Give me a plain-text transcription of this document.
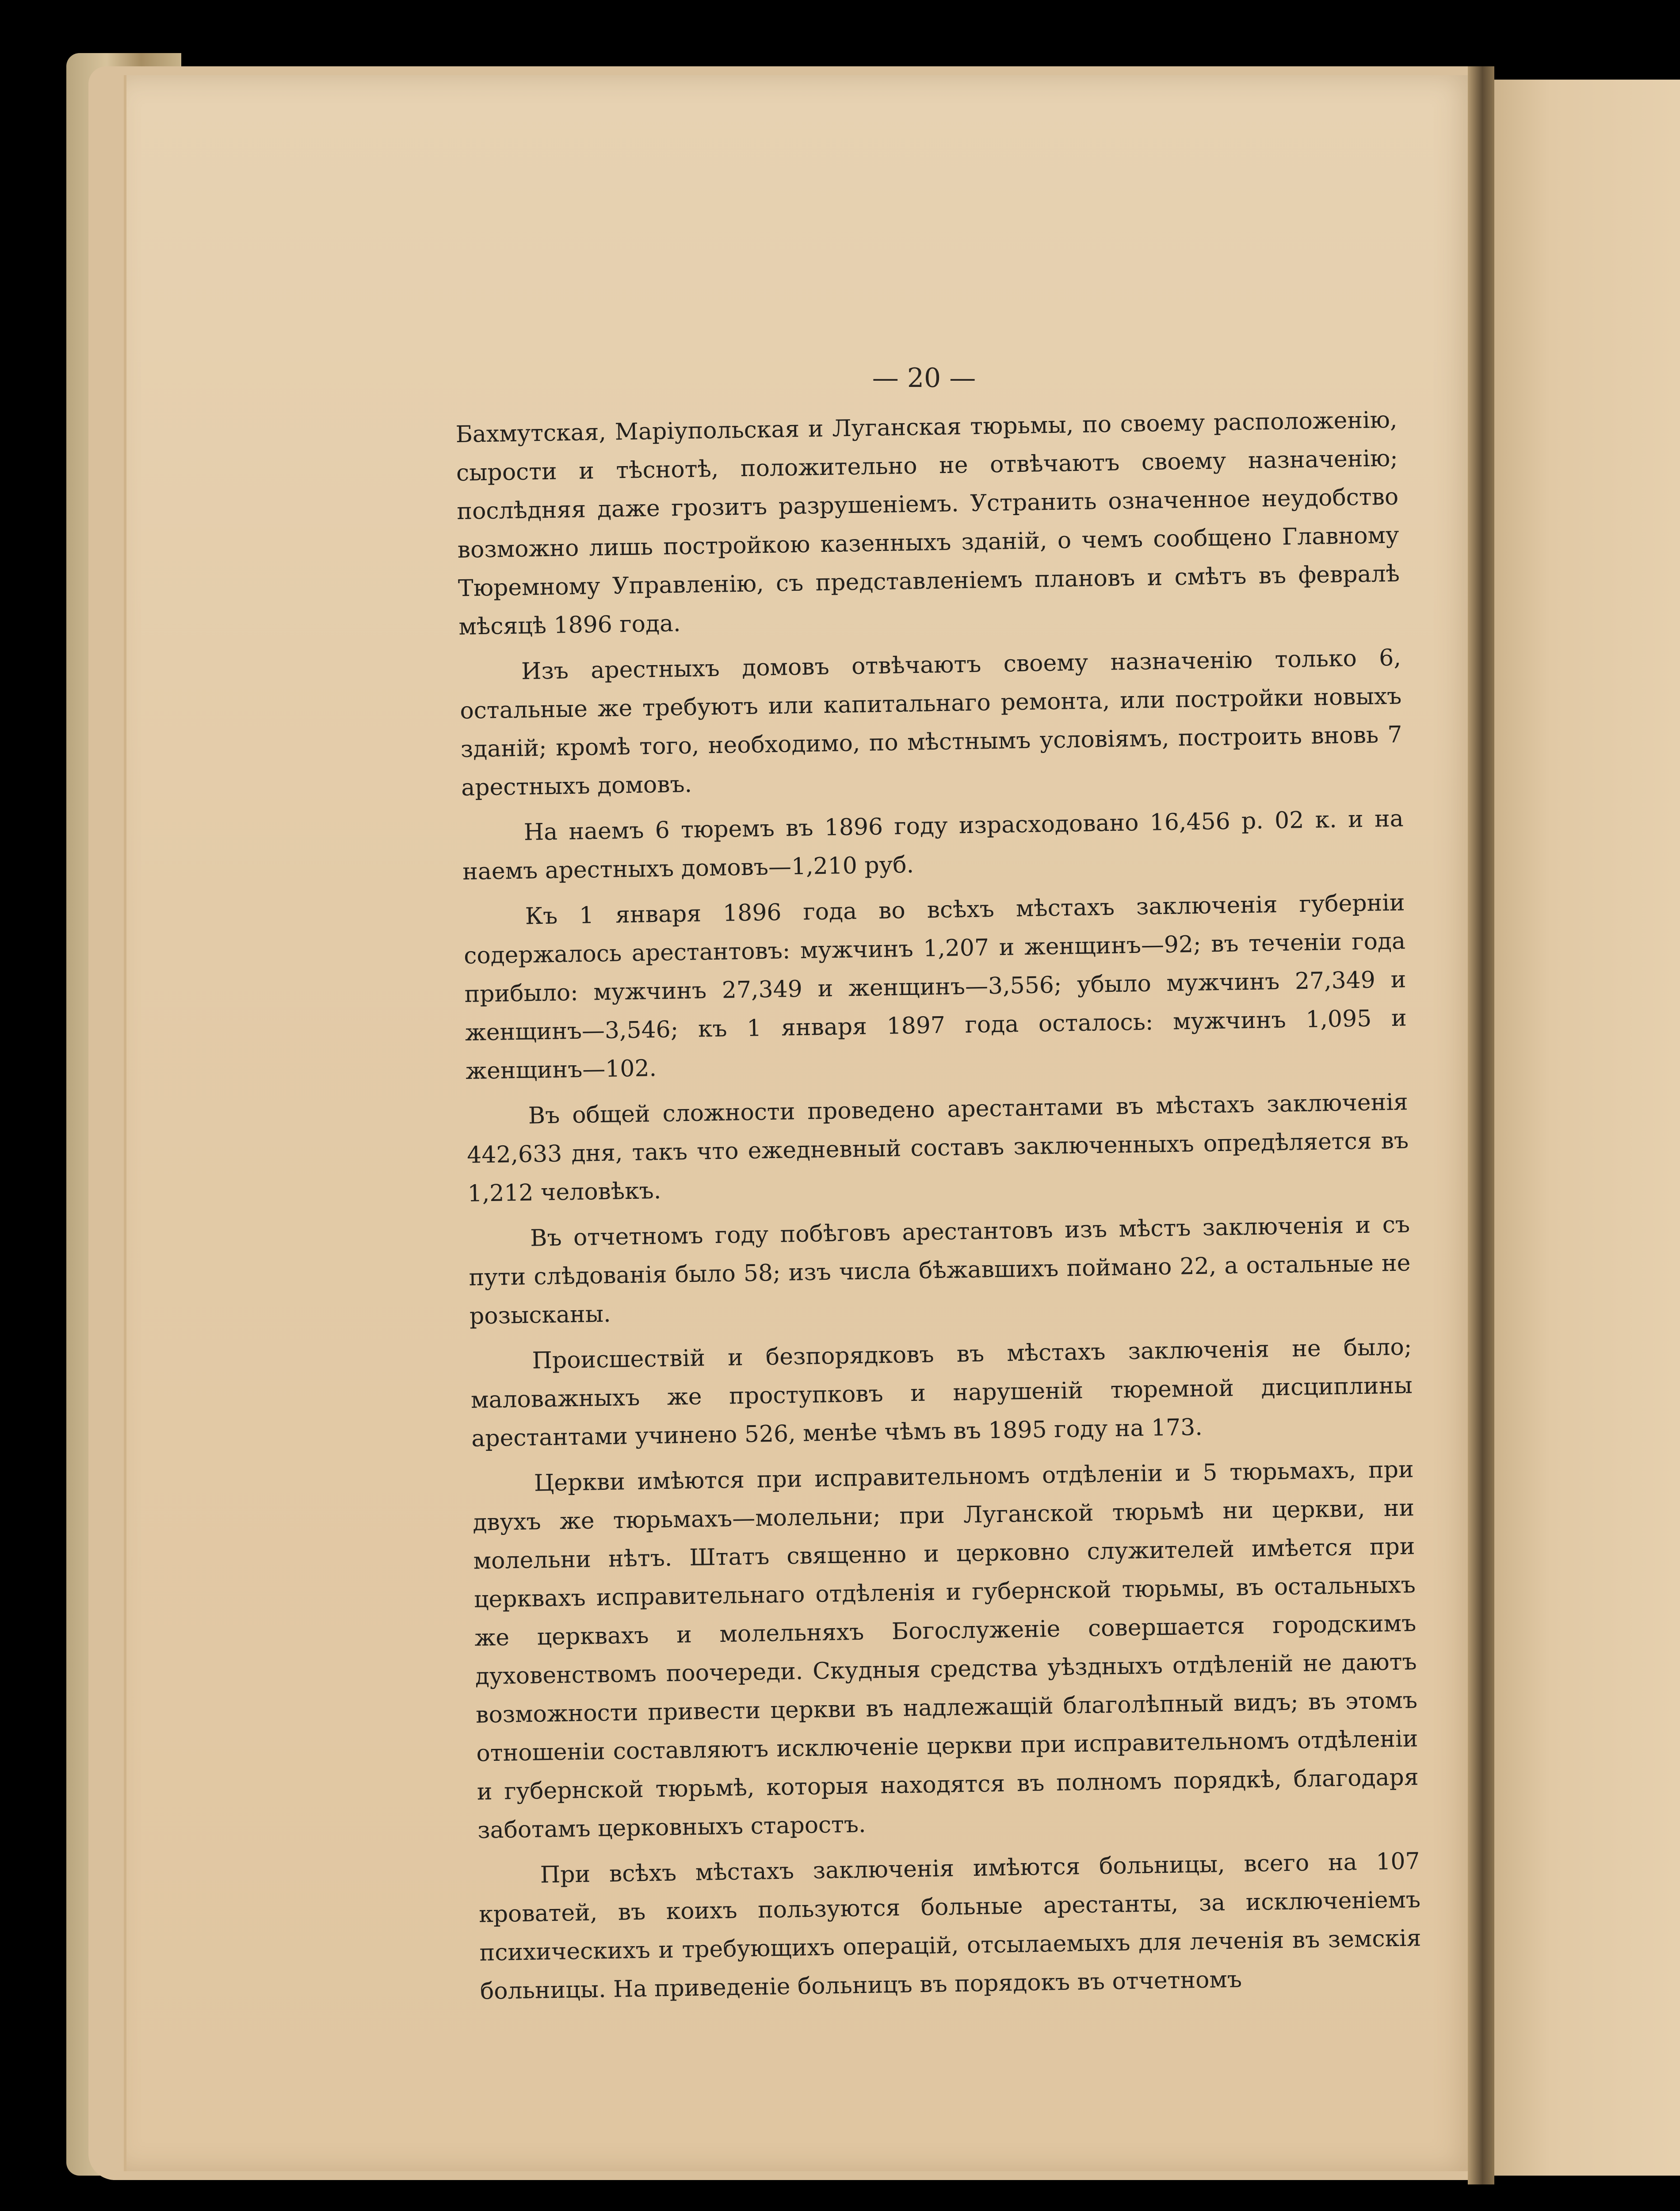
— 20 —

Бахмутская, Маріупольская и Луганская тюрьмы, по своему расположенію, сырости и тѣснотѣ, положительно не отвѣчаютъ своему назначенію; послѣдняя даже грозитъ разрушеніемъ. Устранить означенное неудобство возможно лишь постройкою казенныхъ зданій, о чемъ сообщено Главному Тюремному Управленію, съ представленіемъ плановъ и смѣтъ въ февралѣ мѣсяцѣ 1896 года.

Изъ арестныхъ домовъ отвѣчаютъ своему назначенію только 6, остальные же требуютъ или капитальнаго ремонта, или постройки новыхъ зданій; кромѣ того, необходимо, по мѣстнымъ условіямъ, построить вновь 7 арестныхъ домовъ.

На наемъ 6 тюремъ въ 1896 году израсходовано 16,456 р. 02 к. и на наемъ арестныхъ домовъ—1,210 руб.

Къ 1 января 1896 года во всѣхъ мѣстахъ заключенія губерніи содержалось арестантовъ: мужчинъ 1,207 и женщинъ—92; въ теченіи года прибыло: мужчинъ 27,349 и женщинъ—3,556; убыло мужчинъ 27,349 и женщинъ—3,546; къ 1 января 1897 года осталось: мужчинъ 1,095 и женщинъ—102.

Въ общей сложности проведено арестантами въ мѣстахъ заключенія 442,633 дня, такъ что ежедневный составъ заключенныхъ опредѣляется въ 1,212 человѣкъ.

Въ отчетномъ году побѣговъ арестантовъ изъ мѣстъ заключенія и съ пути слѣдованія было 58; изъ числа бѣжавшихъ поймано 22, а остальные не розысканы.

Происшествій и безпорядковъ въ мѣстахъ заключенія не было; маловажныхъ же проступковъ и нарушеній тюремной дисциплины арестантами учинено 526, менѣе чѣмъ въ 1895 году на 173.

Церкви имѣются при исправительномъ отдѣленіи и 5 тюрьмахъ, при двухъ же тюрьмахъ—молельни; при Луганской тюрьмѣ ни церкви, ни молельни нѣтъ. Штатъ священно и церковно служителей имѣется при церквахъ исправительнаго отдѣленія и губернской тюрьмы, въ остальныхъ же церквахъ и молельняхъ Богослуженіе совершается городскимъ духовенствомъ поочереди. Скудныя средства уѣздныхъ отдѣленій не даютъ возможности привести церкви въ надлежащій благолѣпный видъ; въ этомъ отношеніи составляютъ исключеніе церкви при исправительномъ отдѣленіи и губернской тюрьмѣ, которыя находятся въ полномъ порядкѣ, благодаря заботамъ церковныхъ старостъ.

При всѣхъ мѣстахъ заключенія имѣются больницы, всего на 107 кроватей, въ коихъ пользуются больные арестанты, за исключеніемъ психическихъ и требующихъ операцій, отсылаемыхъ для леченія въ земскія больницы. На приведеніе больницъ въ порядокъ въ отчетномъ
